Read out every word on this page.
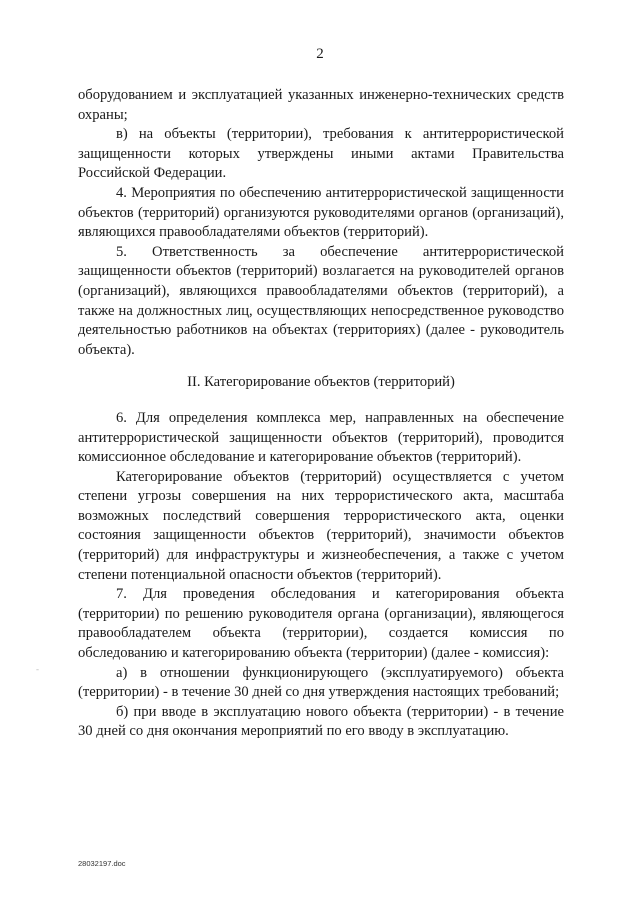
2
-

оборудованием и эксплуатацией указанных инженерно-технических средств охраны;

в) на объекты (территории), требования к антитеррористической защищенности которых утверждены иными актами Правительства Российской Федерации.

4. Мероприятия по обеспечению антитеррористической защищенности объектов (территорий) организуются руководителями органов (организаций), являющихся правообладателями объектов (территорий).

5. Ответственность за обеспечение антитеррористической защищенности объектов (территорий) возлагается на руководителей органов (организаций), являющихся правообладателями объектов (территорий), а также на должностных лиц, осуществляющих непосредственное руководство деятельностью работников на объектах (территориях) (далее - руководитель объекта).

II. Категорирование объектов (территорий)

6. Для определения комплекса мер, направленных на обеспечение антитеррористической защищенности объектов (территорий), проводится комиссионное обследование и категорирование объектов (территорий).

Категорирование объектов (территорий) осуществляется с учетом степени угрозы совершения на них террористического акта, масштаба возможных последствий совершения террористического акта, оценки состояния защищенности объектов (территорий), значимости объектов (территорий) для инфраструктуры и жизнеобеспечения, а также с учетом степени потенциальной опасности объектов (территорий).

7. Для проведения обследования и категорирования объекта (территории) по решению руководителя органа (организации), являющегося правообладателем объекта (территории), создается комиссия по обследованию и категорированию объекта (территории) (далее - комиссия):

а) в отношении функционирующего (эксплуатируемого) объекта (территории) - в течение 30 дней со дня утверждения настоящих требований;

б) при вводе в эксплуатацию нового объекта (территории) - в течение 30 дней со дня окончания мероприятий по его вводу в эксплуатацию.

28032197.doc
